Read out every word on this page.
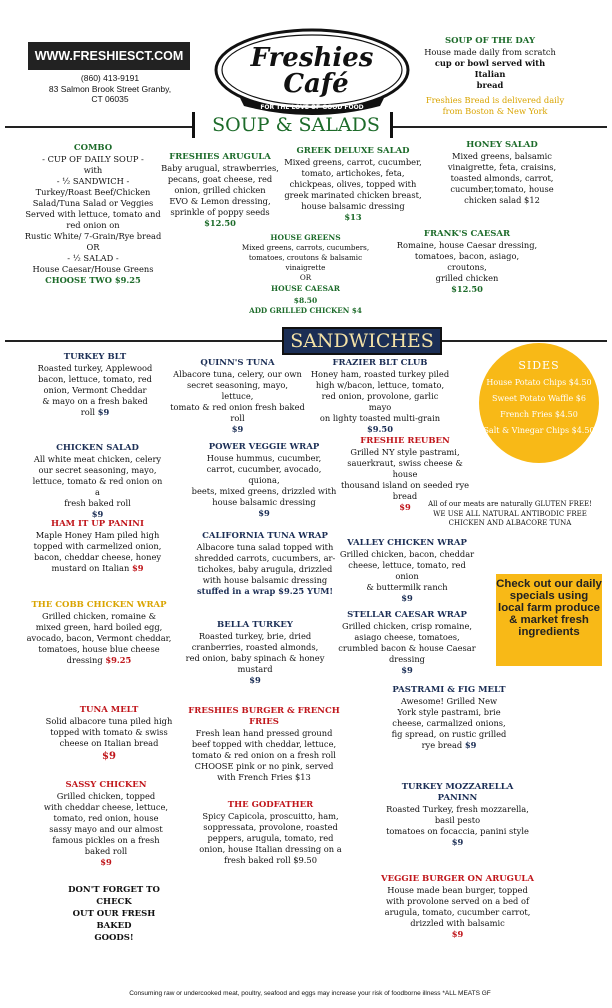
WWW.FRESHIESCT.COM
(860) 413-9191
83 Salmon Brook Street Granby,
CT 06035
Freshies
Café
FOR THE LOVE OF GOOD FOOD
SOUP OF THE DAY
House made daily from scratch
cup or bowl served with Italian
bread
Freshies Bread is delivered daily
from Boston & New York
SOUP & SALADS
COMBO
- CUP OF DAILY SOUP -
with
- ½ SANDWICH -
Turkey/Roast Beef/Chicken
Salad/Tuna Salad or Veggies
Served with lettuce, tomato and
red onion on
Rustic White/ 7-Grain/Rye bread
OR
- ½ SALAD -
House Caesar/House Greens
CHOOSE TWO $9.25
FRESHIES ARUGULA
Baby arugual, strawberries,
pecans, goat cheese, red
onion, grilled chicken
EVO & Lemon dressing,
sprinkle of poppy seeds
$12.50
GREEK DELUXE SALAD
Mixed greens, carrot, cucumber,
tomato, artichokes, feta,
chickpeas, olives, topped with
greek marinated chicken breast,
house balsamic dressing
$13
HONEY SALAD
Mixed greens, balsamic
vinaigrette, feta, craisins,
toasted almonds, carrot,
cucumber,tomato, house
chicken salad $12
HOUSE GREENS
Mixed greens, carrots, cucumbers,
tomatoes, croutons & balsamic
vinaigrette
OR
HOUSE CAESAR
$8.50
ADD GRILLED CHICKEN $4
FRANK'S CAESAR
Romaine, house Caesar dressing,
tomatoes, bacon, asiago,
croutons,
grilled chicken
$12.50
SANDWICHES
SIDES
House Potato Chips $4.50
Sweet Potato Waffle $6
French Fries $4.50
Salt & Vinegar Chips $4.50
TURKEY BLT
Roasted turkey, Applewood
bacon, lettuce, tomato, red
onion, Vermont Cheddar
& mayo on a fresh baked
roll $9
QUINN'S TUNA
Albacore tuna, celery, our own
secret seasoning, mayo, lettuce,
tomato & red onion fresh baked
roll
$9
FRAZIER BLT CLUB
Honey ham, roasted turkey piled
high w/bacon, lettuce, tomato,
red onion, provolone, garlic mayo
on lighty toasted multi-grain
$9.50
CHICKEN SALAD
All white meat chicken, celery
our secret seasoning, mayo,
lettuce, tomato & red onion on a
fresh baked roll
$9
POWER VEGGIE WRAP
House hummus, cucumber,
carrot, cucumber, avocado, quiona,
beets, mixed greens, drizzled with
house balsamic dressing
$9
FRESHIE REUBEN
Grilled NY style pastrami,
sauerkraut, swiss cheese & house
thousand island on seeded rye
bread
$9	All of our meats are naturally GLUTEN FREE!
WE USE ALL NATURAL ANTIBODIC FREE
CHICKEN AND ALBACORE TUNA
HAM IT UP PANINI
Maple Honey Ham piled high
topped with carmelized onion,
bacon, cheddar cheese, honey
mustard on Italian $9
CALIFORNIA TUNA WRAP
Albacore tuna salad topped with
shredded carrots, cucumbers, ar-
tichokes, baby arugula, drizzled
with house balsamic dressing
stuffed in a wrap $9.25 YUM!
VALLEY CHICKEN WRAP
Grilled chicken, bacon, cheddar
cheese, lettuce, tomato, red onion
& buttermilk ranch
$9
Check out our daily specials using local farm produce & market fresh ingredients
THE COBB CHICKEN WRAP
Grilled chicken, romaine &
mixed green, hard boiled egg,
avocado, bacon, Vermont cheddar,
tomatoes, house blue cheese
dressing $9.25
BELLA TURKEY
Roasted turkey, brie, dried
cranberries, roasted almonds,
red onion, baby spinach & honey
mustard
$9
STELLAR CAESAR WRAP
Grilled chicken, crisp romaine,
asiago cheese, tomatoes,
crumbled bacon & house Caesar
dressing
$9
PASTRAMI & FIG MELT
Awesome! Grilled New
York style pastrami, brie
cheese, carmalized onions,
fig spread, on rustic grilled
rye bread $9
TUNA MELT
Solid albacore tuna piled high
topped with tomato & swiss
cheese on Italian bread
$9
FRESHIES BURGER & FRENCH
FRIES
Fresh lean hand pressed ground
beef topped with cheddar, lettuce,
tomato & red onion on a fresh roll
CHOOSE pink or no pink, served
with French Fries $13
SASSY CHICKEN
Grilled chicken, topped
with cheddar cheese, lettuce,
tomato, red onion, house
sassy mayo and our almost
famous pickles on a fresh
baked roll
$9
TURKEY MOZZARELLA PANINN
Roasted Turkey, fresh mozzarella,
basil pesto
tomatoes on focaccia, panini style
$9
THE GODFATHER
Spicy Capicola, proscuitto, ham,
soppressata, provolone, roasted
peppers, arugula, tomato, red
onion, house Italian dressing on a
fresh baked roll $9.50
DON'T FORGET TO CHECK
OUT OUR FRESH BAKED
GOODS!
VEGGIE BURGER ON ARUGULA
House made bean burger, topped
with provolone served on a bed of
arugula, tomato, cucumber carrot,
drizzled with balsamic
$9
Consuming raw or undercooked meat, poultry, seafood and eggs may increase your risk of foodborne illness *ALL MEATS GF
